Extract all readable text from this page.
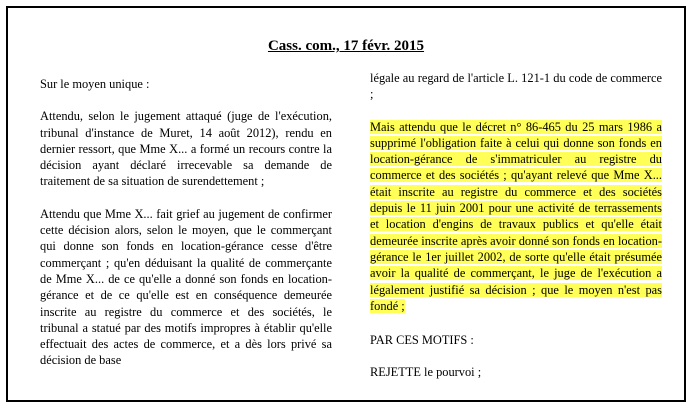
Cass. com., 17 févr. 2015

Sur le moyen unique :

Attendu, selon le jugement attaqué (juge de l'exécution, tribunal d'instance de Muret, 14 août 2012), rendu en dernier ressort, que Mme X... a formé un recours contre la décision ayant déclaré irrecevable sa demande de traitement de sa situation de surendettement ;

Attendu que Mme X... fait grief au jugement de confirmer cette décision alors, selon le moyen, que le commerçant qui donne son fonds en location-gérance cesse d'être commerçant ; qu'en déduisant la qualité de commerçante de Mme X... de ce qu'elle a donné son fonds en location-gérance et de ce qu'elle est en conséquence demeurée inscrite au registre du commerce et des sociétés, le tribunal a statué par des motifs impropres à établir qu'elle effectuait des actes de commerce, et a dès lors privé sa décision de base

légale au regard de l'article L. 121-1 du code de commerce ;

Mais attendu que le décret n° 86-465 du 25 mars 1986 a supprimé l'obligation faite à celui qui donne son fonds en location-gérance de s'immatriculer au registre du commerce et des sociétés ; qu'ayant relevé que Mme X... était inscrite au registre du commerce et des sociétés depuis le 11 juin 2001 pour une activité de terrassements et location d'engins de travaux publics et qu'elle était demeurée inscrite après avoir donné son fonds en location-gérance le 1er juillet 2002, de sorte qu'elle était présumée avoir la qualité de commerçant, le juge de l'exécution a légalement justifié sa décision ; que le moyen n'est pas fondé ;

PAR CES MOTIFS :

REJETTE le pourvoi ;
